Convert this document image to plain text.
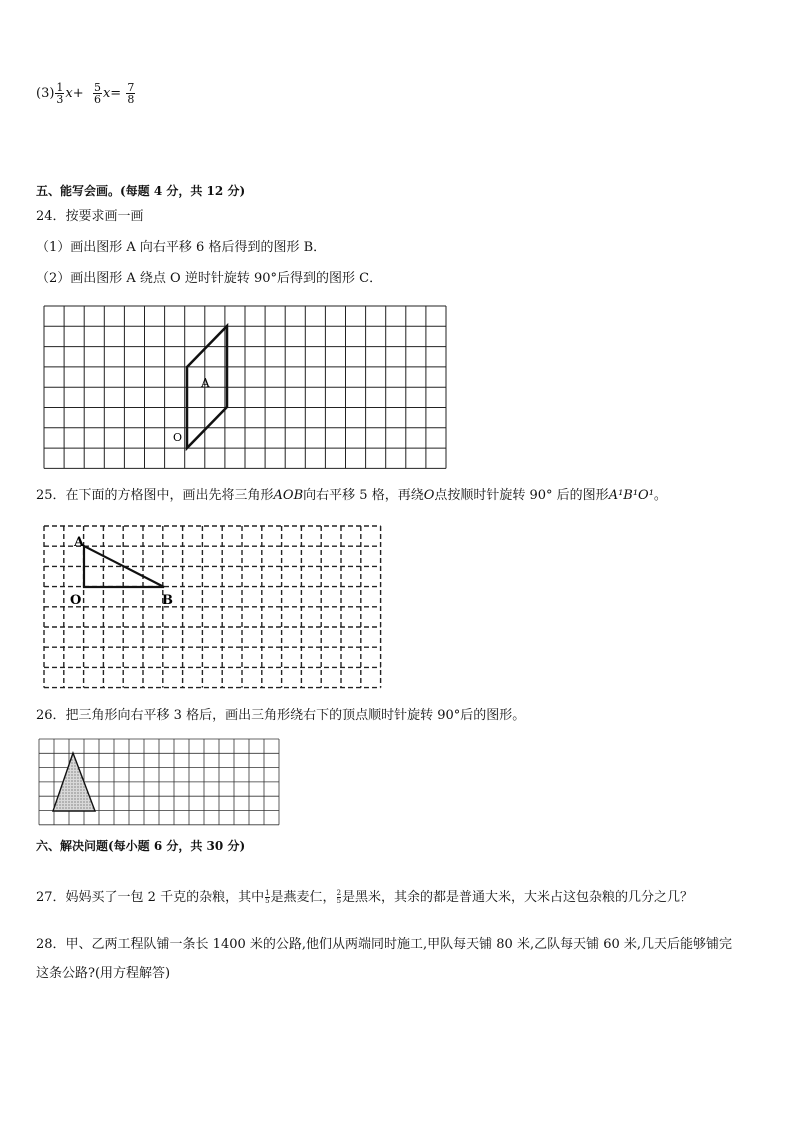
$(3) \frac{1}{3} x+ \frac{5}{6} x= \frac{7}{8}$
五、能写会画。(每题 4 分，共 12 分)
24．按要求画一画
（1）画出图形 A 向右平移 6 格后得到的图形 B．
（2）画出图形 A 绕点 O 逆时针旋转 90°后得到的图形 C．
A
O
25．在下面的方格图中，画出先将三角形AOB向右平移 5 格，再绕O点按顺时针旋转 90° 后的图形A¹B¹O¹。
A
O	B
26．把三角形向右平移 3 格后，画出三角形绕右下的顶点顺时针旋转 90°后的图形。
六、解决问题(每小题 6 分，共 30 分)
27．妈妈买了一包 2 千克的杂粮，其中 $\frac{1}{5}$ 是燕麦仁， $\frac{2}{5}$ 是黑米，其余的都是普通大米，大米占这包杂粮的几分之几？
28．甲、乙两工程队铺一条长 1400 米的公路,他们从两端同时施工,甲队每天铺 80 米,乙队每天铺 60 米,几天后能够铺完
这条公路?(用方程解答)
